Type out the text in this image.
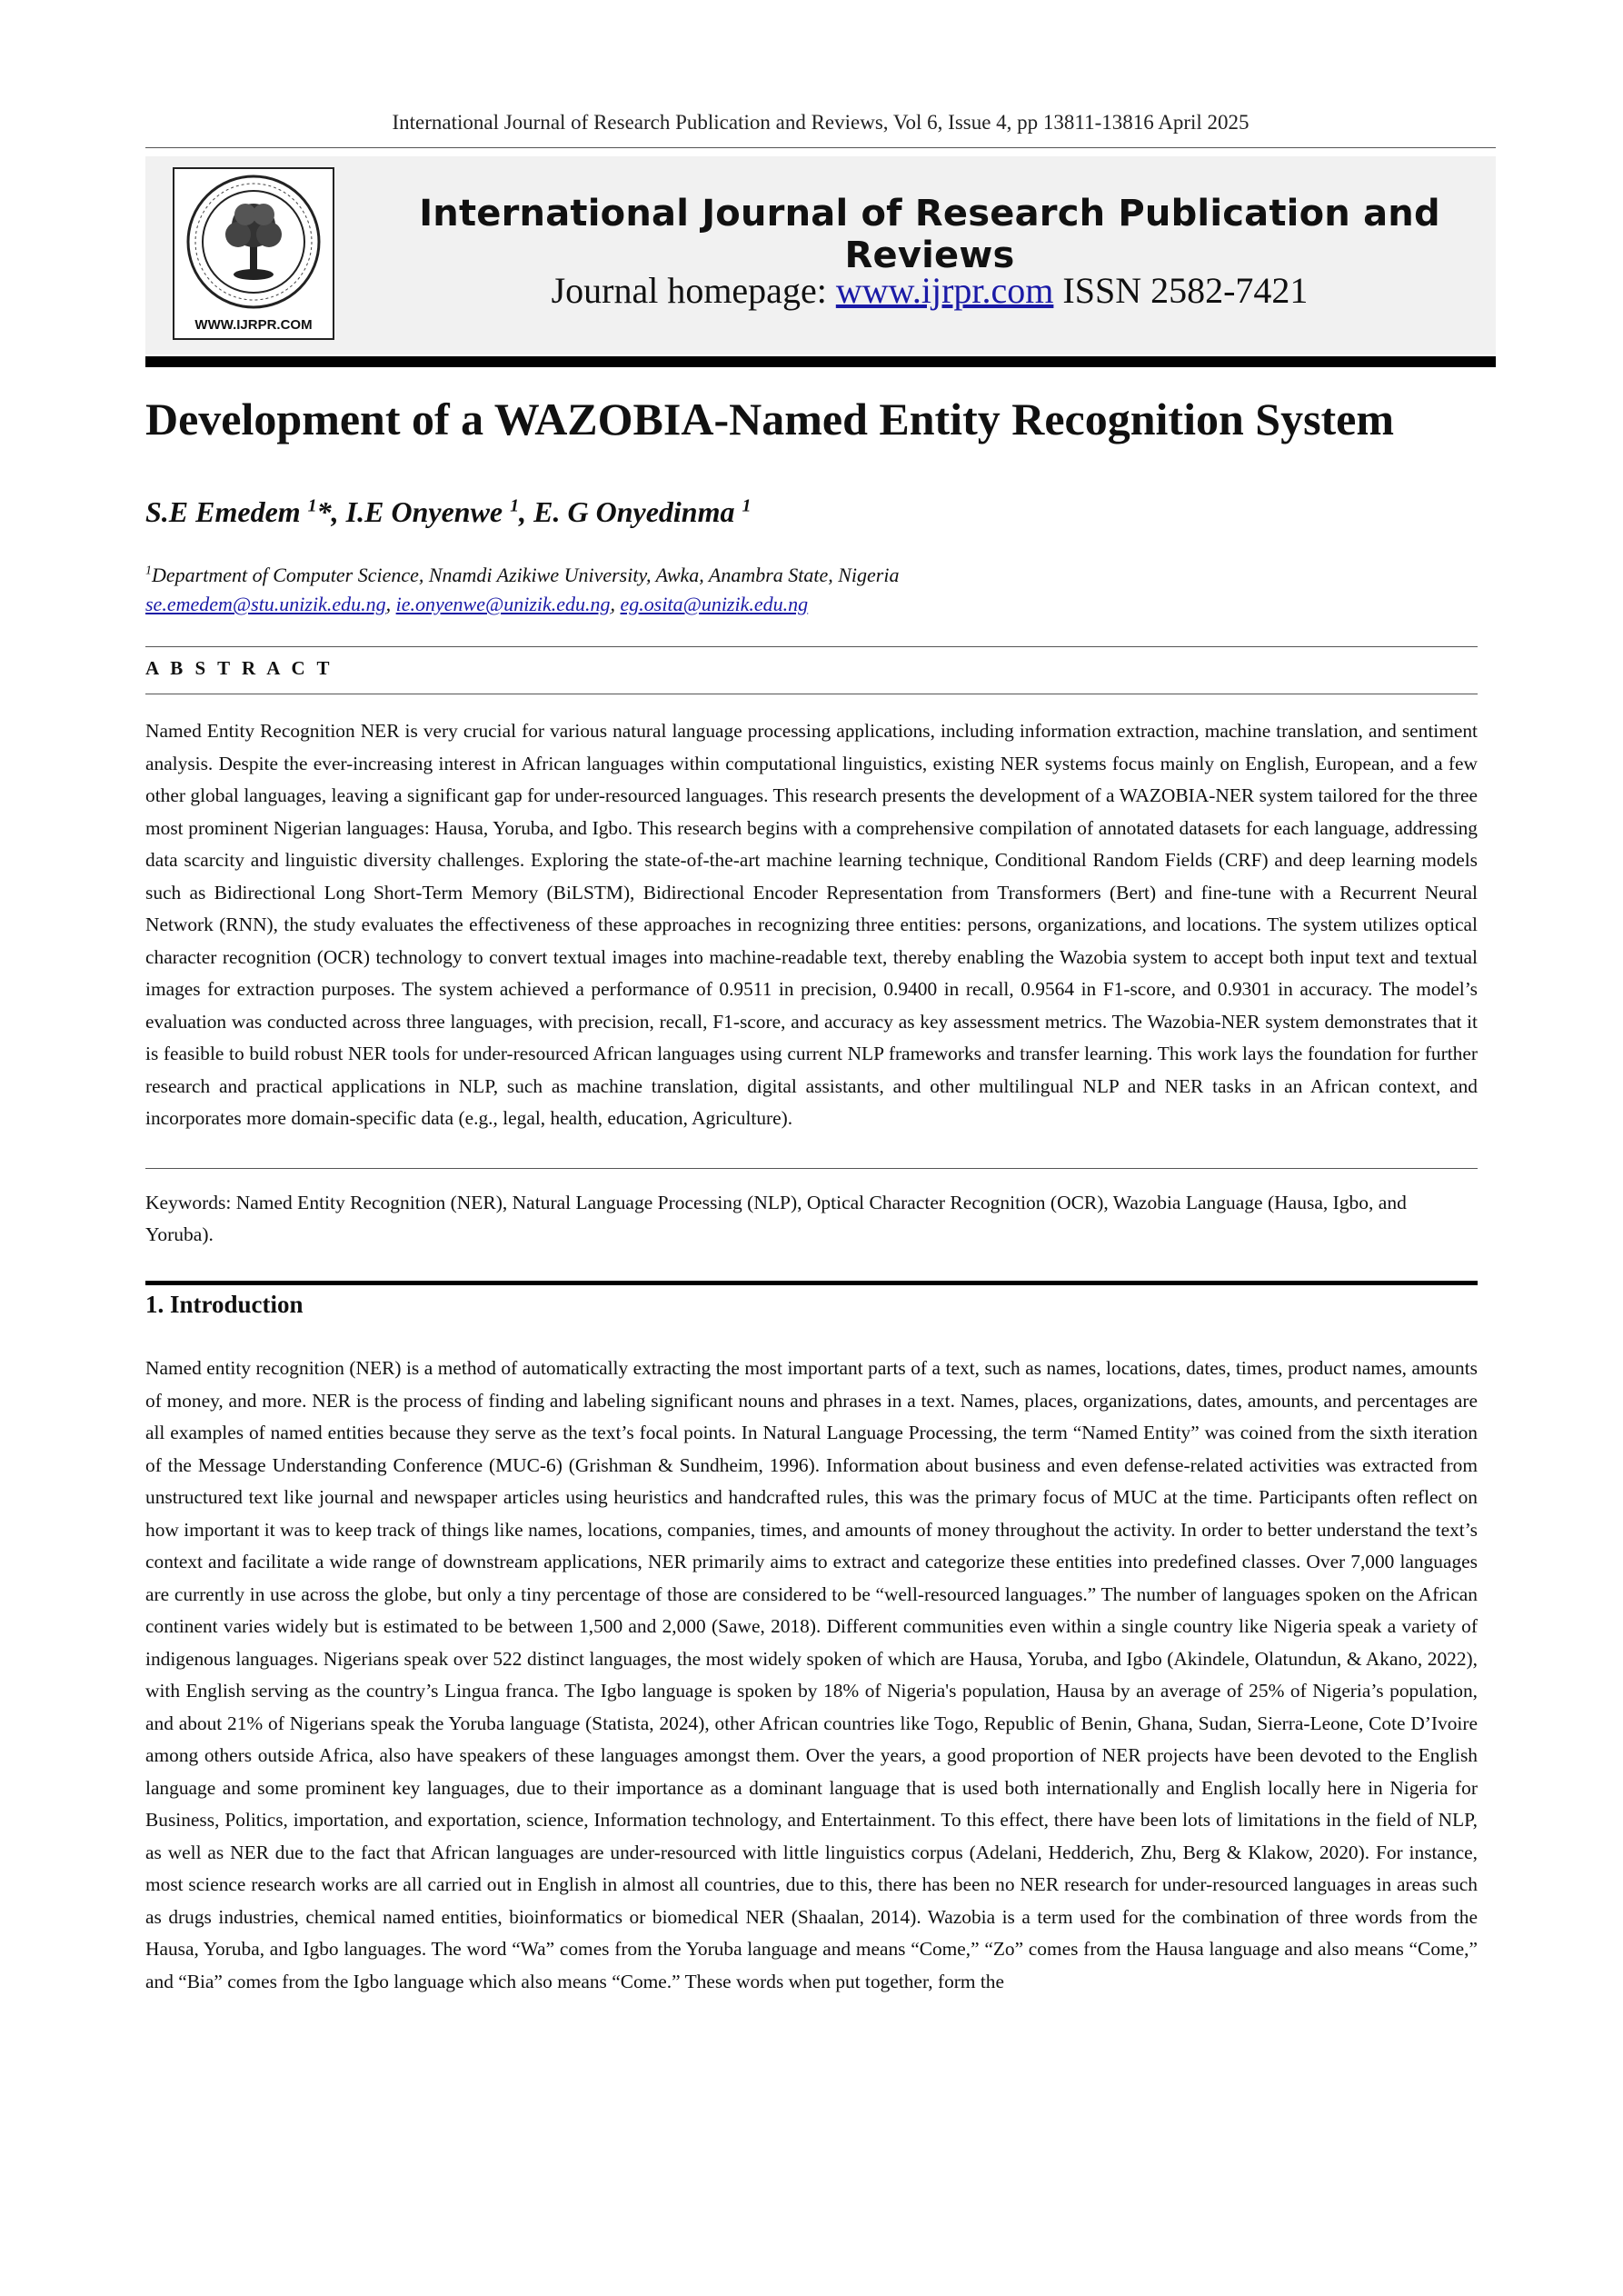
International Journal of Research Publication and Reviews, Vol 6, Issue 4, pp 13811-13816 April 2025
WWW.IJRPR.COM
International Journal of Research Publication and Reviews
Journal homepage: www.ijrpr.com ISSN 2582-7421
Development of a WAZOBIA-Named Entity Recognition System
S.E Emedem $^1$*, I.E Onyenwe $^1$, E. G Onyedinma $^1$
$^1$Department of Computer Science, Nnamdi Azikiwe University, Awka, Anambra State, Nigeria
se.emedem@stu.unizik.edu.ng, ie.onyenwe@unizik.edu.ng, eg.osita@unizik.edu.ng
A B S T R A C T
Named Entity Recognition NER is very crucial for various natural language processing applications, including information extraction, machine translation, and sentiment analysis. Despite the ever-increasing interest in African languages within computational linguistics, existing NER systems focus mainly on English, European, and a few other global languages, leaving a significant gap for under-resourced languages. This research presents the development of a WAZOBIA-NER system tailored for the three most prominent Nigerian languages: Hausa, Yoruba, and Igbo. This research begins with a comprehensive compilation of annotated datasets for each language, addressing data scarcity and linguistic diversity challenges. Exploring the state-of-the-art machine learning technique, Conditional Random Fields (CRF) and deep learning models such as Bidirectional Long Short-Term Memory (BiLSTM), Bidirectional Encoder Representation from Transformers (Bert) and fine-tune with a Recurrent Neural Network (RNN), the study evaluates the effectiveness of these approaches in recognizing three entities: persons, organizations, and locations. The system utilizes optical character recognition (OCR) technology to convert textual images into machine-readable text, thereby enabling the Wazobia system to accept both input text and textual images for extraction purposes. The system achieved a performance of 0.9511 in precision, 0.9400 in recall, 0.9564 in F1-score, and 0.9301 in accuracy. The model’s evaluation was conducted across three languages, with precision, recall, F1-score, and accuracy as key assessment metrics. The Wazobia-NER system demonstrates that it is feasible to build robust NER tools for under-resourced African languages using current NLP frameworks and transfer learning. This work lays the foundation for further research and practical applications in NLP, such as machine translation, digital assistants, and other multilingual NLP and NER tasks in an African context, and incorporates more domain-specific data (e.g., legal, health, education, Agriculture).
Keywords: Named Entity Recognition (NER), Natural Language Processing (NLP), Optical Character Recognition (OCR), Wazobia Language (Hausa, Igbo, and Yoruba).
1. Introduction
Named entity recognition (NER) is a method of automatically extracting the most important parts of a text, such as names, locations, dates, times, product names, amounts of money, and more. NER is the process of finding and labeling significant nouns and phrases in a text. Names, places, organizations, dates, amounts, and percentages are all examples of named entities because they serve as the text’s focal points. In Natural Language Processing, the term “Named Entity” was coined from the sixth iteration of the Message Understanding Conference (MUC-6) (Grishman & Sundheim, 1996). Information about business and even defense-related activities was extracted from unstructured text like journal and newspaper articles using heuristics and handcrafted rules, this was the primary focus of MUC at the time. Participants often reflect on how important it was to keep track of things like names, locations, companies, times, and amounts of money throughout the activity. In order to better understand the text’s context and facilitate a wide range of downstream applications, NER primarily aims to extract and categorize these entities into predefined classes. Over 7,000 languages are currently in use across the globe, but only a tiny percentage of those are considered to be “well-resourced languages.” The number of languages spoken on the African continent varies widely but is estimated to be between 1,500 and 2,000 (Sawe, 2018). Different communities even within a single country like Nigeria speak a variety of indigenous languages. Nigerians speak over 522 distinct languages, the most widely spoken of which are Hausa, Yoruba, and Igbo (Akindele, Olatundun, & Akano, 2022), with English serving as the country’s Lingua franca. The Igbo language is spoken by 18% of Nigeria's population, Hausa by an average of 25% of Nigeria’s population, and about 21% of Nigerians speak the Yoruba language (Statista, 2024), other African countries like Togo, Republic of Benin, Ghana, Sudan, Sierra-Leone, Cote D’Ivoire among others outside Africa, also have speakers of these languages amongst them. Over the years, a good proportion of NER projects have been devoted to the English language and some prominent key languages, due to their importance as a dominant language that is used both internationally and English locally here in Nigeria for Business, Politics, importation, and exportation, science, Information technology, and Entertainment. To this effect, there have been lots of limitations in the field of NLP, as well as NER due to the fact that African languages are under-resourced with little linguistics corpus (Adelani, Hedderich, Zhu, Berg & Klakow, 2020). For instance, most science research works are all carried out in English in almost all countries, due to this, there has been no NER research for under-resourced languages in areas such as drugs industries, chemical named entities, bioinformatics or biomedical NER (Shaalan, 2014). Wazobia is a term used for the combination of three words from the Hausa, Yoruba, and Igbo languages. The word “Wa” comes from the Yoruba language and means “Come,” “Zo” comes from the Hausa language and also means “Come,” and “Bia” comes from the Igbo language which also means “Come.” These words when put together, form the
